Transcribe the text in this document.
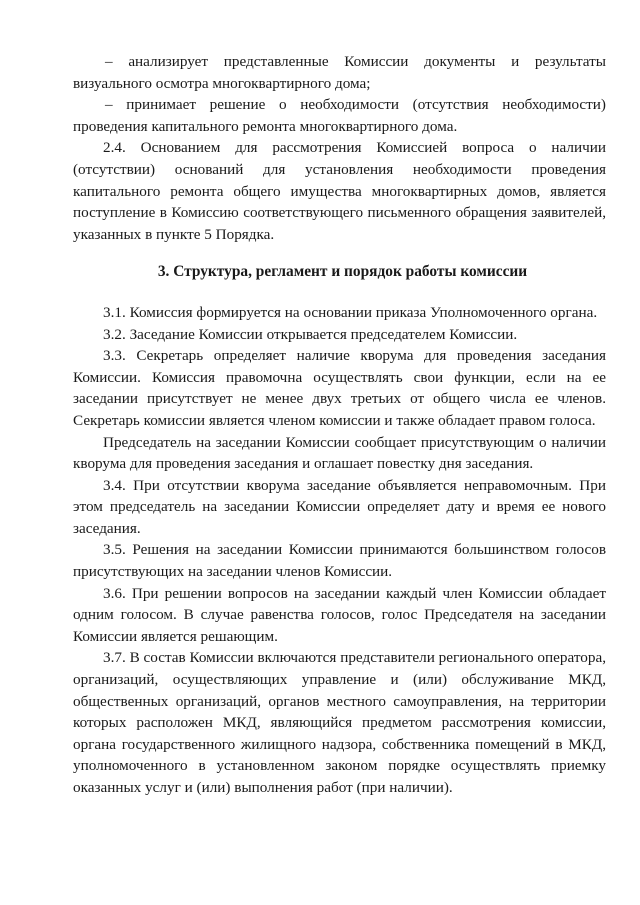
– анализирует представленные Комиссии документы и результаты визуального осмотра многоквартирного дома;

– принимает решение о необходимости (отсутствия необходимости) проведения капитального ремонта многоквартирного дома.

2.4. Основанием для рассмотрения Комиссией вопроса о наличии (отсутствии) оснований для установления необходимости проведения капитального ремонта общего имущества многоквартирных домов, является поступление в Комиссию соответствующего письменного обращения заявителей, указанных в пункте 5 Порядка.

3. Структура, регламент и порядок работы комиссии

3.1. Комиссия формируется на основании приказа Уполномоченного органа.

3.2. Заседание Комиссии открывается председателем Комиссии.

3.3. Секретарь определяет наличие кворума для проведения заседания Комиссии. Комиссия правомочна осуществлять свои функции, если на ее заседании присутствует не менее двух третьих от общего числа ее членов. Секретарь комиссии является членом комиссии и также обладает правом голоса.

Председатель на заседании Комиссии сообщает присутствующим о наличии кворума для проведения заседания и оглашает повестку дня заседания.

3.4. При отсутствии кворума заседание объявляется неправомочным. При этом председатель на заседании Комиссии определяет дату и время ее нового заседания.

3.5. Решения на заседании Комиссии принимаются большинством голосов присутствующих на заседании членов Комиссии.

3.6. При решении вопросов на заседании каждый член Комиссии обладает одним голосом. В случае равенства голосов, голос Председателя на заседании Комиссии является решающим.

3.7. В состав Комиссии включаются представители регионального оператора, организаций, осуществляющих управление и (или) обслуживание МКД, общественных организаций, органов местного самоуправления, на территории которых расположен МКД, являющийся предметом рассмотрения комиссии, органа государственного жилищного надзора, собственника помещений в МКД, уполномоченного в установленном законом порядке осуществлять приемку оказанных услуг и (или) выполнения работ (при наличии).
